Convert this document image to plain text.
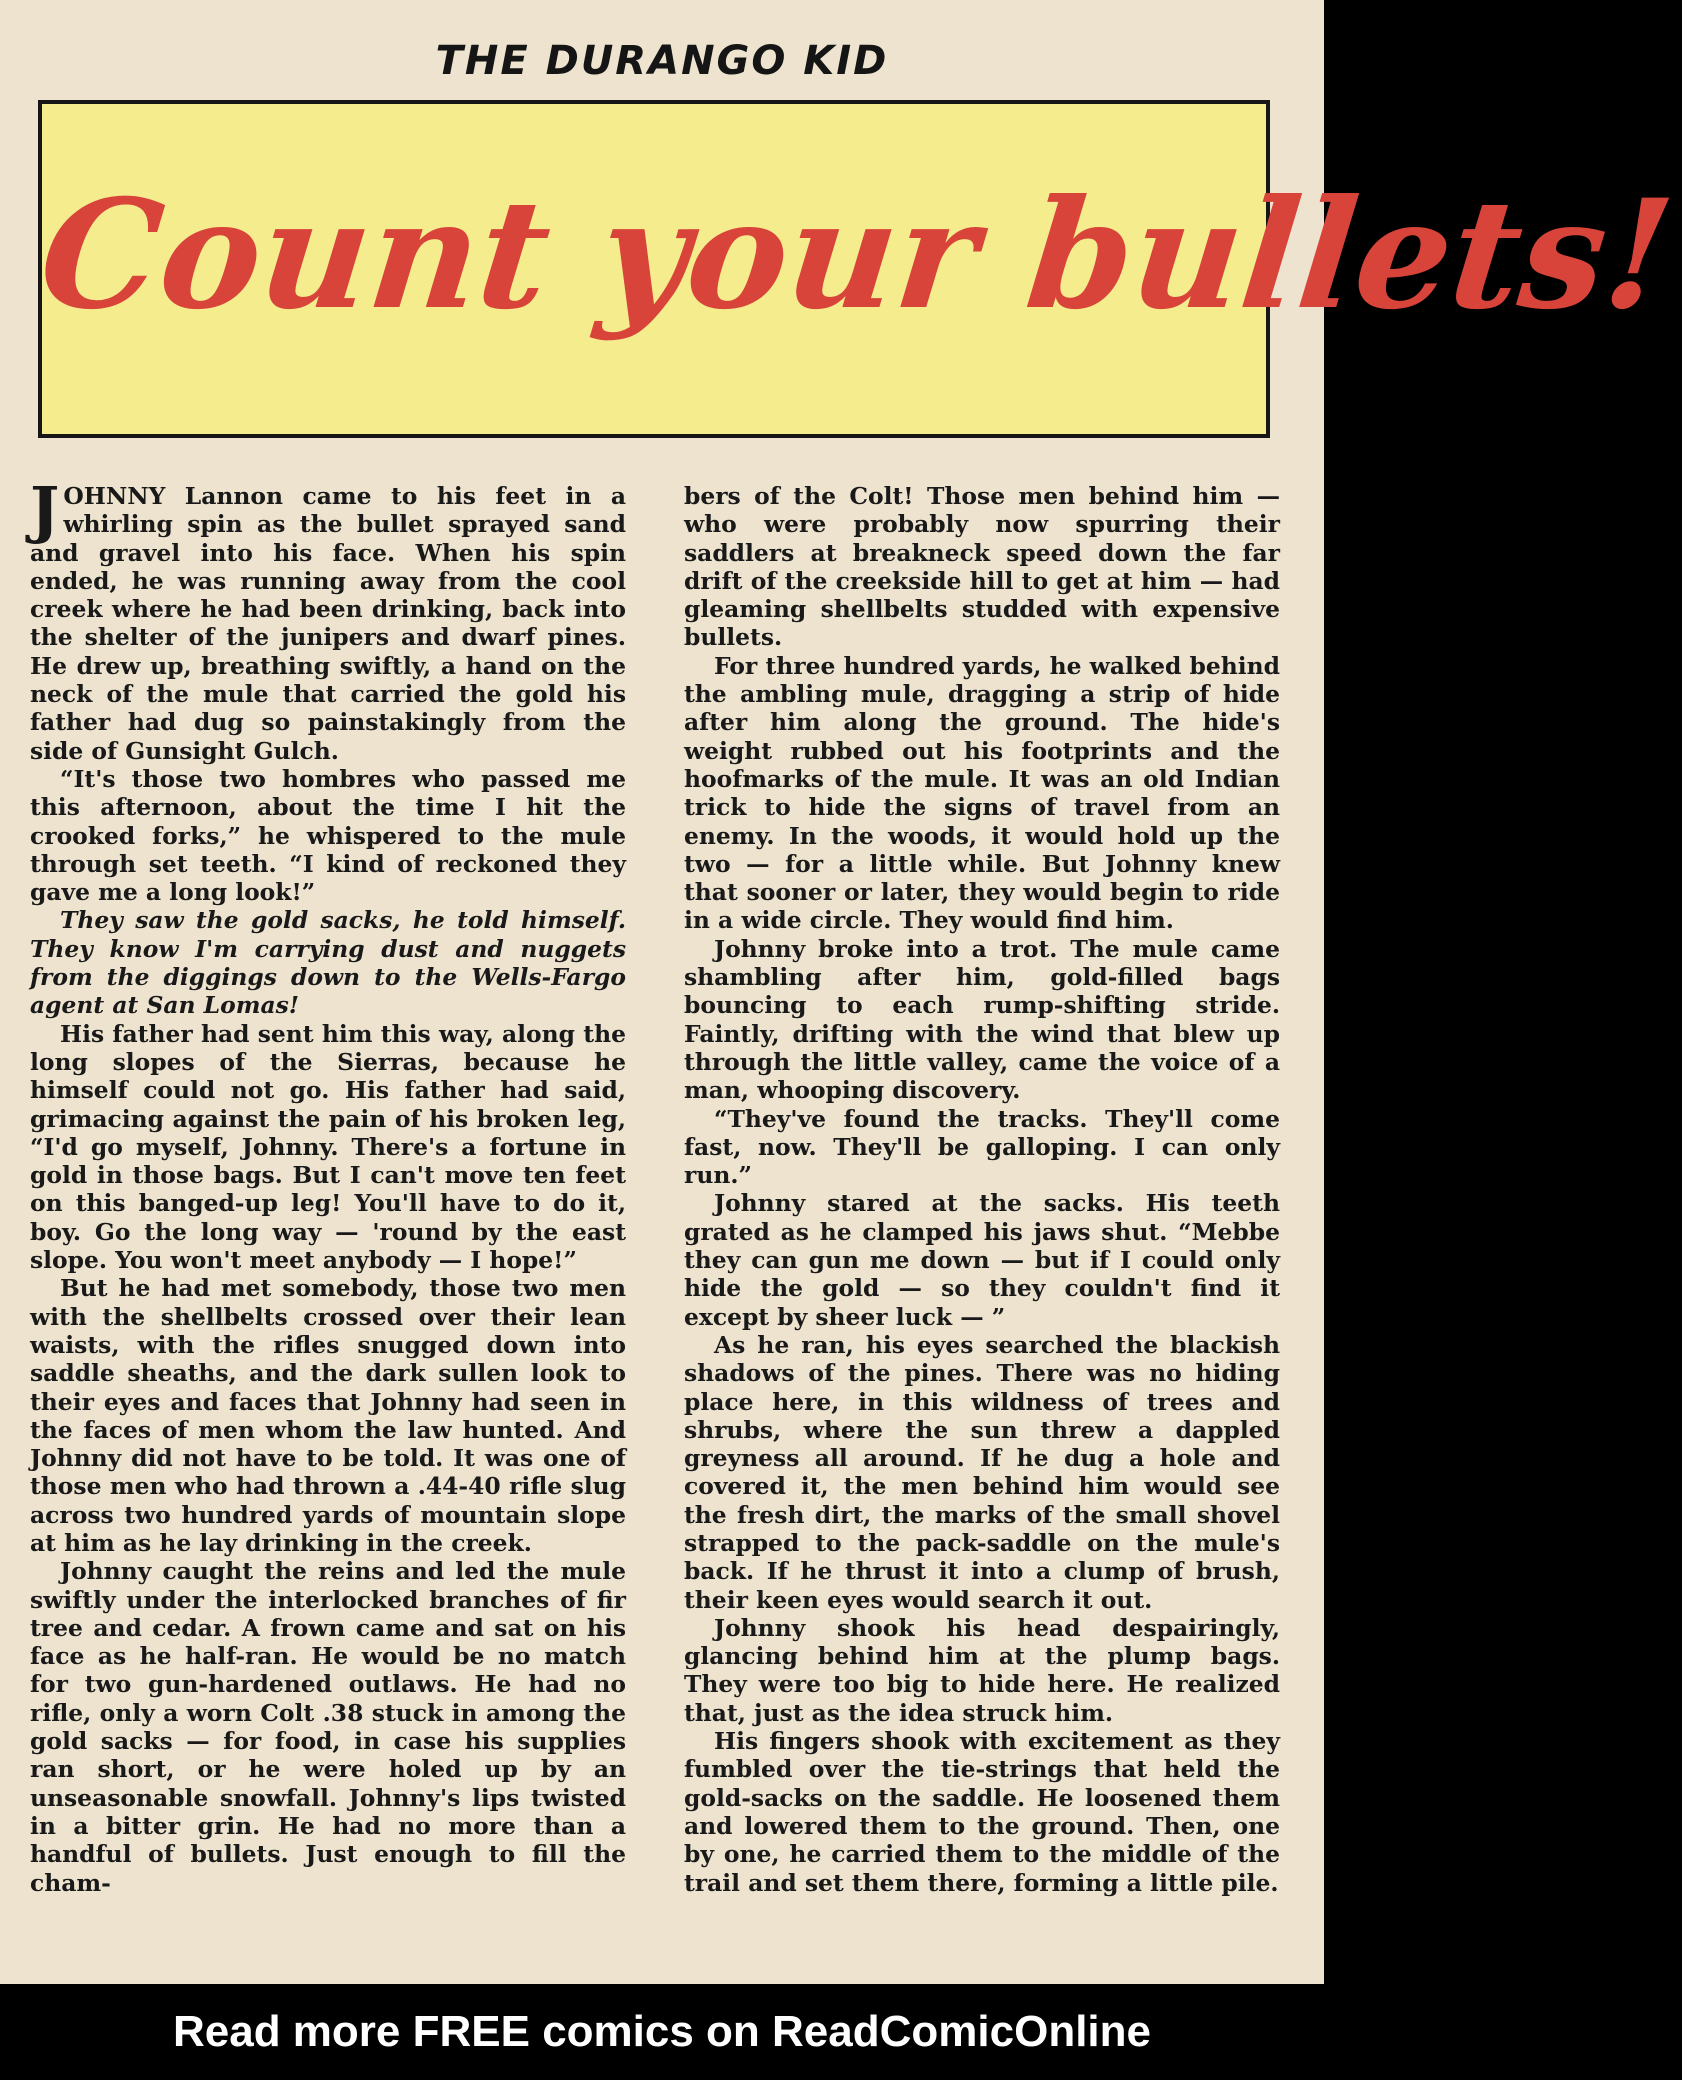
THE DURANGO KID
Count your bullets!

JOHNNY Lannon came to his feet in a whirling spin as the bullet sprayed sand and gravel into his face. When his spin ended, he was running away from the cool creek where he had been drinking, back into the shelter of the junipers and dwarf pines. He drew up, breathing swiftly, a hand on the neck of the mule that carried the gold his father had dug so painstakingly from the side of Gunsight Gulch.

“It's those two hombres who passed me this afternoon, about the time I hit the crooked forks,” he whispered to the mule through set teeth. “I kind of reckoned they gave me a long look!”

They saw the gold sacks, he told himself. They know I'm carrying dust and nuggets from the diggings down to the Wells-Fargo agent at San Lomas!

His father had sent him this way, along the long slopes of the Sierras, because he himself could not go. His father had said, grimacing against the pain of his broken leg, “I'd go myself, Johnny. There's a fortune in gold in those bags. But I can't move ten feet on this banged-up leg! You'll have to do it, boy. Go the long way — 'round by the east slope. You won't meet anybody — I hope!”

But he had met somebody, those two men with the shellbelts crossed over their lean waists, with the rifles snugged down into saddle sheaths, and the dark sullen look to their eyes and faces that Johnny had seen in the faces of men whom the law hunted. And Johnny did not have to be told. It was one of those men who had thrown a .44-40 rifle slug across two hundred yards of mountain slope at him as he lay drinking in the creek.

Johnny caught the reins and led the mule swiftly under the interlocked branches of fir tree and cedar. A frown came and sat on his face as he half-ran. He would be no match for two gun-hardened outlaws. He had no rifle, only a worn Colt .38 stuck in among the gold sacks — for food, in case his supplies ran short, or he were holed up by an unseasonable snowfall. Johnny's lips twisted in a bitter grin. He had no more than a handful of bullets. Just enough to fill the cham-

bers of the Colt! Those men behind him — who were probably now spurring their saddlers at breakneck speed down the far drift of the creekside hill to get at him — had gleaming shellbelts studded with expensive bullets.

For three hundred yards, he walked behind the ambling mule, dragging a strip of hide after him along the ground. The hide's weight rubbed out his footprints and the hoofmarks of the mule. It was an old Indian trick to hide the signs of travel from an enemy. In the woods, it would hold up the two — for a little while. But Johnny knew that sooner or later, they would begin to ride in a wide circle. They would find him.

Johnny broke into a trot. The mule came shambling after him, gold-filled bags bouncing to each rump-shifting stride. Faintly, drifting with the wind that blew up through the little valley, came the voice of a man, whooping discovery.

“They've found the tracks. They'll come fast, now. They'll be galloping. I can only run.”

Johnny stared at the sacks. His teeth grated as he clamped his jaws shut. “Mebbe they can gun me down — but if I could only hide the gold — so they couldn't find it except by sheer luck — ”

As he ran, his eyes searched the blackish shadows of the pines. There was no hiding place here, in this wildness of trees and shrubs, where the sun threw a dappled greyness all around. If he dug a hole and covered it, the men behind him would see the fresh dirt, the marks of the small shovel strapped to the pack-saddle on the mule's back. If he thrust it into a clump of brush, their keen eyes would search it out.

Johnny shook his head despairingly, glancing behind him at the plump bags. They were too big to hide here. He realized that, just as the idea struck him.

His fingers shook with excitement as they fumbled over the tie-strings that held the gold-sacks on the saddle. He loosened them and lowered them to the ground. Then, one by one, he carried them to the middle of the trail and set them there, forming a little pile.

Read more FREE comics on ReadComicOnline
